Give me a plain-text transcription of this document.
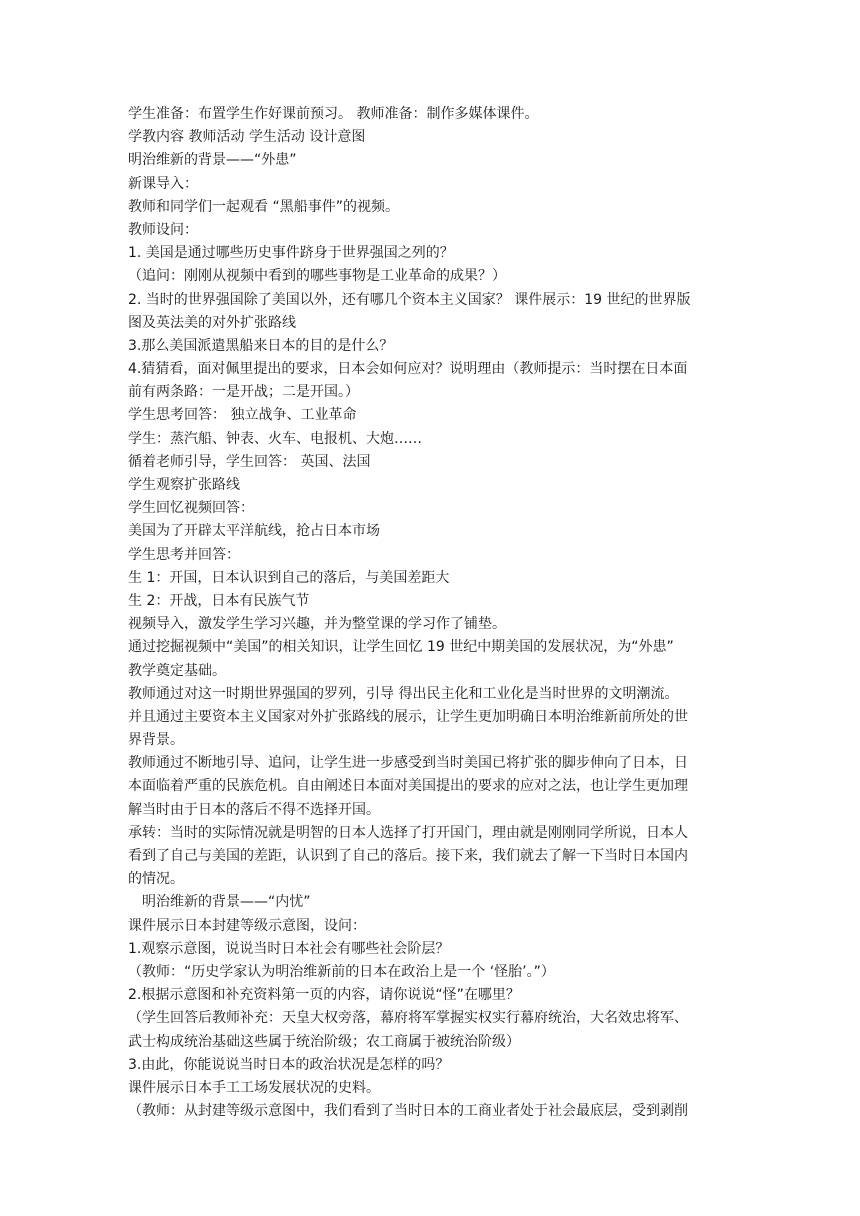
学生准备：布置学生作好课前预习。 教师准备：制作多媒体课件。
学教内容 教师活动 学生活动 设计意图
明治维新的背景——“外患”
新课导入：
教师和同学们一起观看 “黑船事件”的视频。
教师设问：
1. 美国是通过哪些历史事件跻身于世界强国之列的？
（追问：刚刚从视频中看到的哪些事物是工业革命的成果？）
2. 当时的世界强国除了美国以外，还有哪几个资本主义国家？ 课件展示：19 世纪的世界版
图及英法美的对外扩张路线
3.那么美国派遣黑船来日本的目的是什么？
4.猜猜看，面对佩里提出的要求，日本会如何应对？说明理由（教师提示：当时摆在日本面
前有两条路：一是开战；二是开国。）
学生思考回答： 独立战争、工业革命
学生：蒸汽船、钟表、火车、电报机、大炮……
循着老师引导，学生回答： 英国、法国
学生观察扩张路线
学生回忆视频回答：
美国为了开辟太平洋航线，抢占日本市场
学生思考并回答：
生 1：开国，日本认识到自己的落后，与美国差距大
生 2：开战，日本有民族气节
视频导入，激发学生学习兴趣，并为整堂课的学习作了铺垫。
通过挖掘视频中“美国”的相关知识，让学生回忆 19 世纪中期美国的发展状况，为“外患”
教学奠定基础。
教师通过对这一时期世界强国的罗列，引导 得出民主化和工业化是当时世界的文明潮流。
并且通过主要资本主义国家对外扩张路线的展示，让学生更加明确日本明治维新前所处的世
界背景。
教师通过不断地引导、追问，让学生进一步感受到当时美国已将扩张的脚步伸向了日本，日
本面临着严重的民族危机。自由阐述日本面对美国提出的要求的应对之法，也让学生更加理
解当时由于日本的落后不得不选择开国。
承转：当时的实际情况就是明智的日本人选择了打开国门，理由就是刚刚同学所说，日本人
看到了自己与美国的差距，认识到了自己的落后。接下来，我们就去了解一下当时日本国内
的情况。
明治维新的背景——“内忧”
课件展示日本封建等级示意图，设问：
1.观察示意图，说说当时日本社会有哪些社会阶层？
（教师：“历史学家认为明治维新前的日本在政治上是一个 ‘怪胎’。”）
2.根据示意图和补充资料第一页的内容，请你说说“怪”在哪里？
（学生回答后教师补充：天皇大权旁落，幕府将军掌握实权实行幕府统治，大名效忠将军、
武士构成统治基础这些属于统治阶级；农工商属于被统治阶级）
3.由此，你能说说当时日本的政治状况是怎样的吗？
课件展示日本手工工场发展状况的史料。
（教师：从封建等级示意图中，我们看到了当时日本的工商业者处于社会最底层，受到剥削
